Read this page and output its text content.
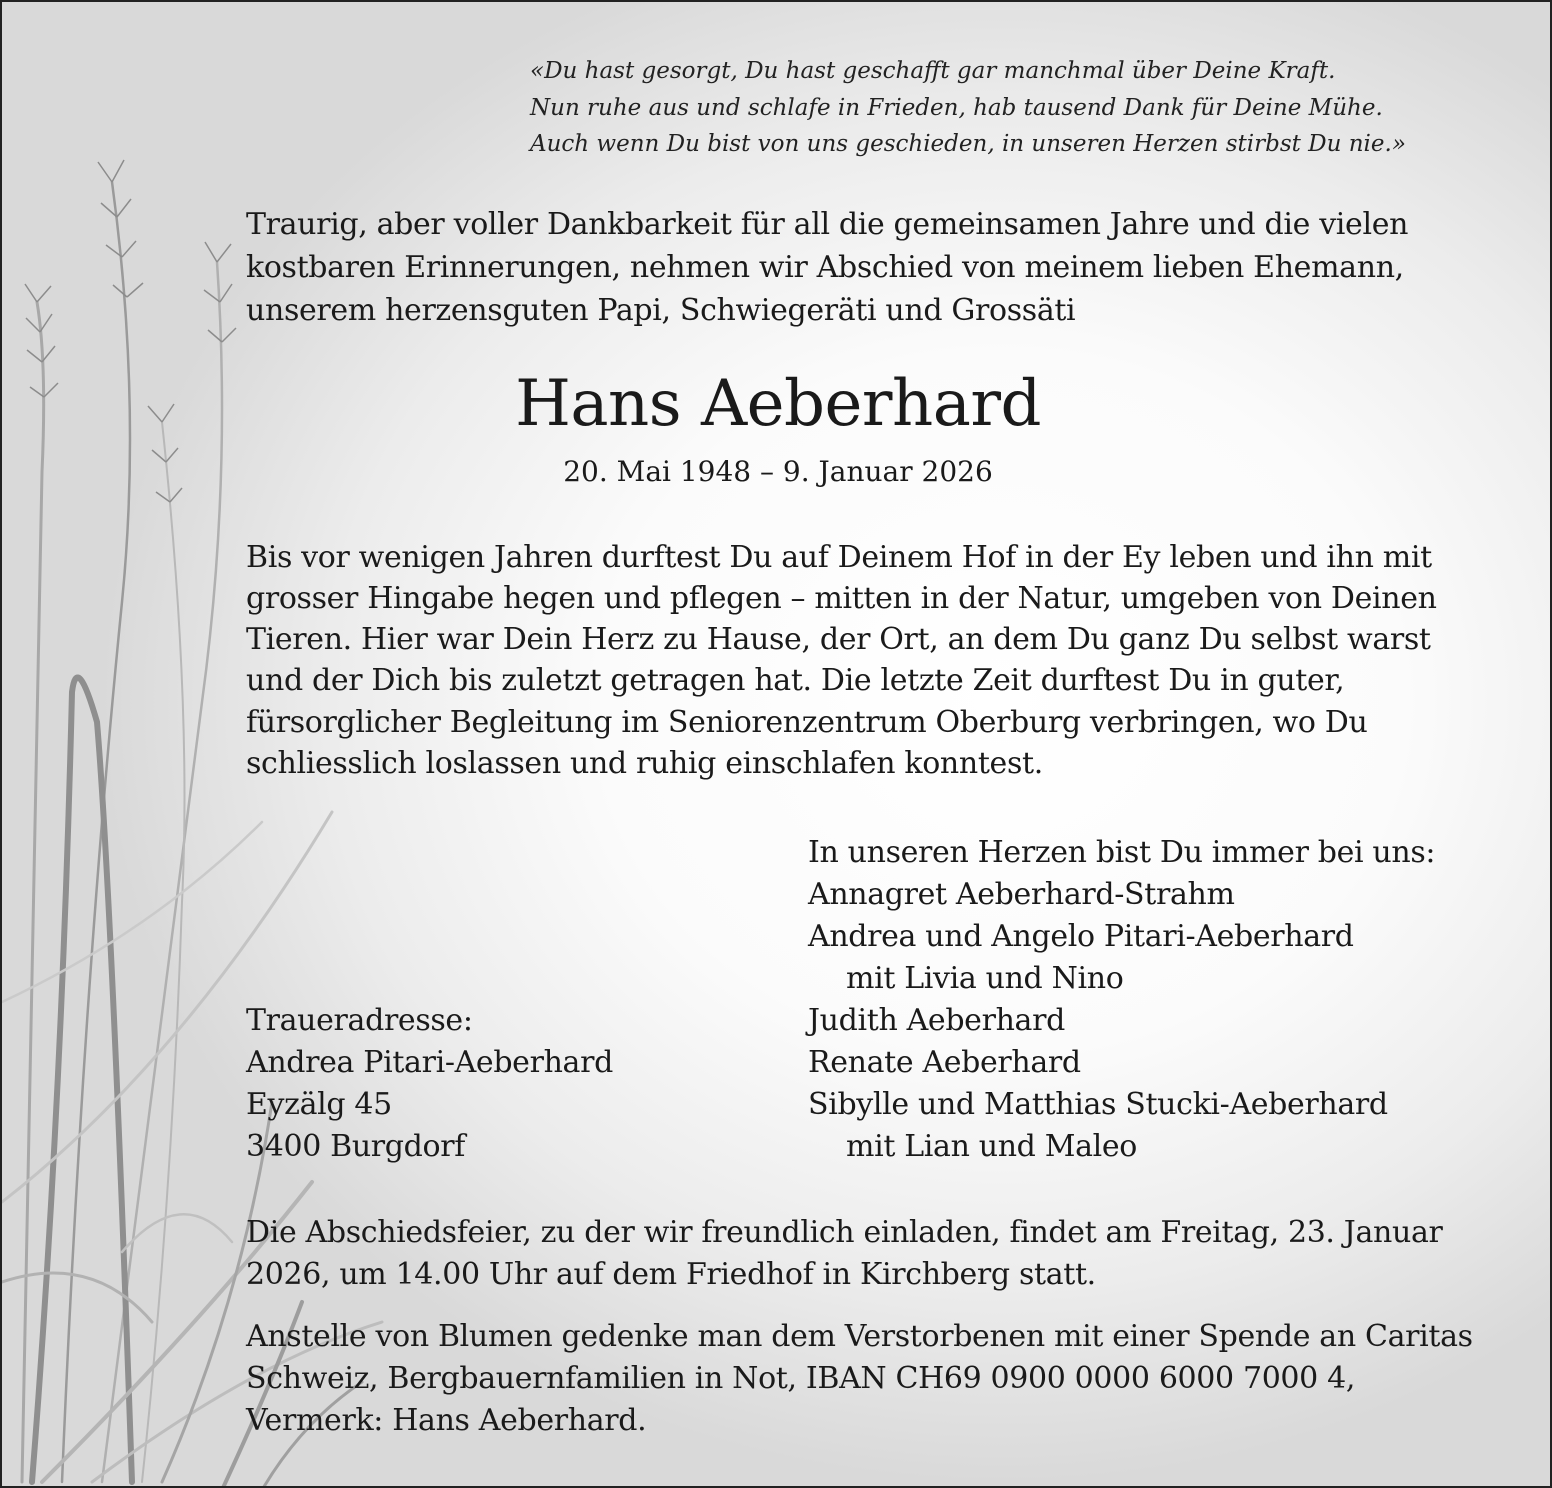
«Du hast gesorgt, Du hast geschafft gar manchmal über Deine Kraft.
Nun ruhe aus und schlafe in Frieden, hab tausend Dank für Deine Mühe.
Auch wenn Du bist von uns geschieden, in unseren Herzen stirbst Du nie.»
Traurig, aber voller Dankbarkeit für all die gemeinsamen Jahre und die vielen
kostbaren Erinnerungen, nehmen wir Abschied von meinem lieben Ehemann,
unserem herzensguten Papi, Schwiegeräti und Grossäti
Hans Aeberhard
20. Mai 1948 – 9. Januar 2026
Bis vor wenigen Jahren durftest Du auf Deinem Hof in der Ey leben und ihn mit
grosser Hingabe hegen und pflegen – mitten in der Natur, umgeben von Deinen
Tieren. Hier war Dein Herz zu Hause, der Ort, an dem Du ganz Du selbst warst
und der Dich bis zuletzt getragen hat. Die letzte Zeit durftest Du in guter,
fürsorglicher Begleitung im Seniorenzentrum Oberburg verbringen, wo Du
schliesslich loslassen und ruhig einschlafen konntest.
In unseren Herzen bist Du immer bei uns:
Annagret Aeberhard-Strahm
Andrea und Angelo Pitari-Aeberhard
mit Livia und Nino
Judith Aeberhard
Renate Aeberhard
Sibylle und Matthias Stucki-Aeberhard
mit Lian und Maleo
Traueradresse:
Andrea Pitari-Aeberhard
Eyzälg 45
3400 Burgdorf
Die Abschiedsfeier, zu der wir freundlich einladen, findet am Freitag, 23. Januar
2026, um 14.00 Uhr auf dem Friedhof in Kirchberg statt.
Anstelle von Blumen gedenke man dem Verstorbenen mit einer Spende an Caritas
Schweiz, Bergbauernfamilien in Not, IBAN CH69 0900 0000 6000 7000 4,
Vermerk: Hans Aeberhard.
